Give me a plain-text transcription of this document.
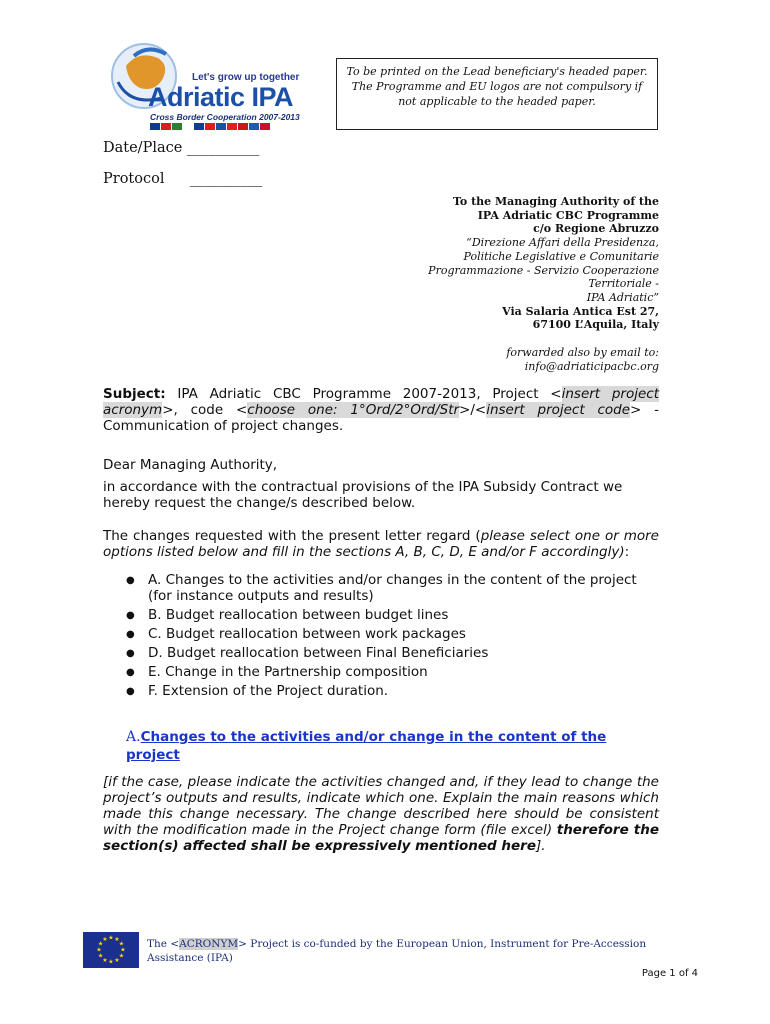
Let's grow up together
Adriatic IPA
Cross Border Cooperation 2007-2013
To be printed on the Lead beneficiary's headed paper. The Programme and EU logos are not compulsory if not applicable to the headed paper.
Date/Place __________
Protocol __________
To the Managing Authority of the
IPA Adriatic CBC Programme
c/o Regione Abruzzo
“Direzione Affari della Presidenza,
Politiche Legislative e Comunitarie
Programmazione - Servizio Cooperazione
Territoriale -
IPA Adriatic”
Via Salaria Antica Est 27,
67100 L’Aquila, Italy
forwarded also by email to:
info@adriaticipacbc.org
Subject: IPA Adriatic CBC Programme 2007-2013, Project <insert project acronym>, code <choose one: 1°Ord/2°Ord/Str>/<insert project code> - Communication of project changes.
Dear Managing Authority,
in accordance with the contractual provisions of the IPA Subsidy Contract we hereby request the change/s described below.
The changes requested with the present letter regard (please select one or more options listed below and fill in the sections A, B, C, D, E and/or F accordingly):
● A. Changes to the activities and/or changes in the content of the project (for instance outputs and results)
● B. Budget reallocation between budget lines
● C. Budget reallocation between work packages
● D. Budget reallocation between Final Beneficiaries
● E. Change in the Partnership composition
● F. Extension of the Project duration.
A.Changes to the activities and/or change in the content of the project
[if the case, please indicate the activities changed and, if they lead to change the project’s outputs and results, indicate which one. Explain the main reasons which made this change necessary. The change described here should be consistent with the modification made in the Project change form (file excel) therefore the section(s) affected shall be expressively mentioned here].
★
★
★
★
★
★
★
★
★ ★ ★
★ The <ACRONYM> Project is co-funded by the European Union, Instrument for Pre-Accession Assistance (IPA)
Page 1 of 4
